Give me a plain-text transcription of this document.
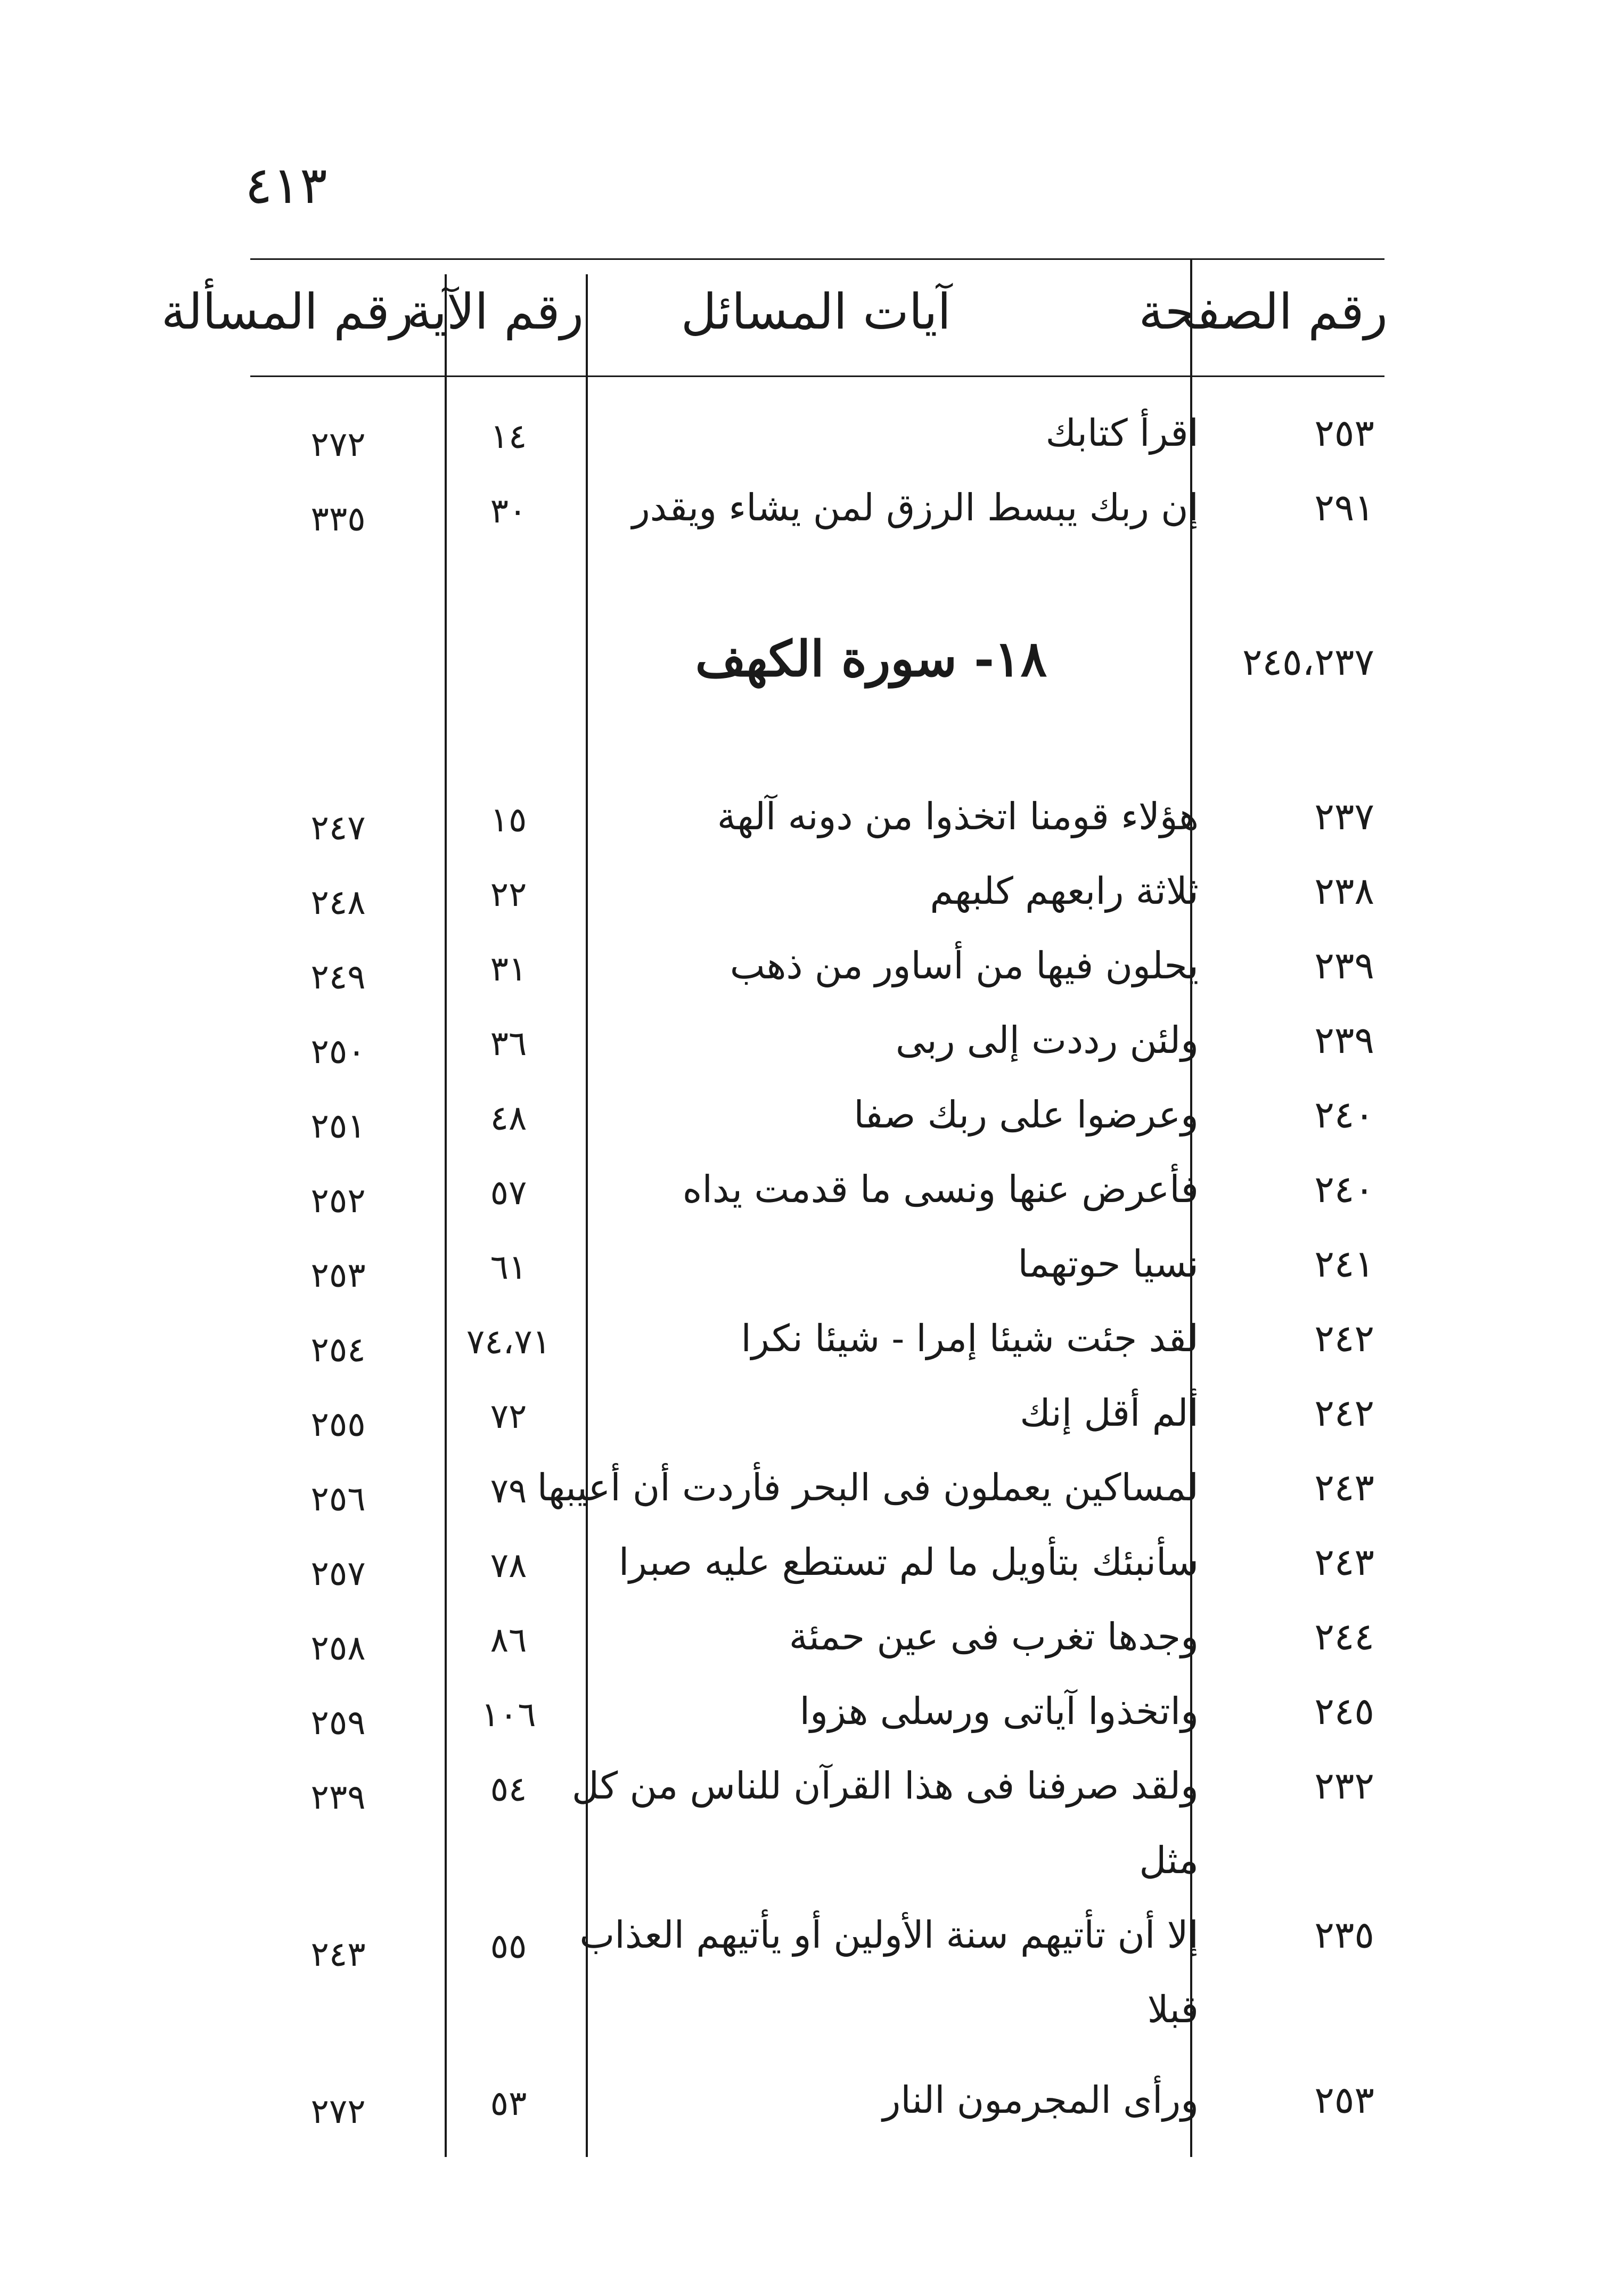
٤١٣
رقم الصفحة
آيات المسائل
رقم الآية
رقم المسألة
٢٥٣
اقرأ كتابك
١٤
٢٧٢
٢٩١
إن ربك يبسط الرزق لمن يشاء ويقدر
٣٠
٣٣٥
٢٤٥،٢٣٧
١٨- سورة الكهف
٢٣٧
هؤلاء قومنا اتخذوا من دونه آلهة
١٥
٢٤٧
٢٣٨
ثلاثة رابعهم كلبهم
٢٢
٢٤٨
٢٣٩
يحلون فيها من أساور من ذهب
٣١
٢٤٩
٢٣٩
ولئن رددت إلى ربى
٣٦
٢٥٠
٢٤٠
وعرضوا على ربك صفا
٤٨
٢٥١
٢٤٠
فأعرض عنها ونسى ما قدمت يداه
٥٧
٢٥٢
٢٤١
نسيا حوتهما
٦١
٢٥٣
٢٤٢
لقد جئت شيئا إمرا - شيئا نكرا
٧٤،٧١
٢٥٤
٢٤٢
ألم أقل إنك
٧٢
٢٥٥
٢٤٣
لمساكين يعملون فى البحر فأردت أن أعيبها
٧٩
٢٥٦
٢٤٣
سأنبئك بتأويل ما لم تستطع عليه صبرا
٧٨
٢٥٧
٢٤٤
وجدها تغرب فى عين حمئة
٨٦
٢٥٨
٢٤٥
واتخذوا آياتى ورسلى هزوا
١٠٦
٢٥٩
٢٣٢
ولقد صرفنا فى هذا القرآن للناس من كل
مثل
٥٤
٢٣٩
٢٣٥
إلا أن تأتيهم سنة الأولين أو يأتيهم العذاب
قبلا
٥٥
٢٤٣
٢٥٣
ورأى المجرمون النار
٥٣
٢٧٢
